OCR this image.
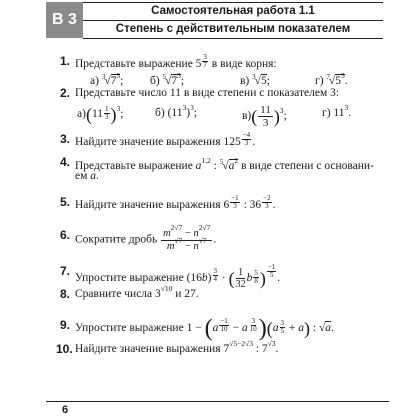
В 3	Самостоятельная работа 1.1
Степень с действительным показателем
1. Представьте выражение $5 \frac{3}{7}$ в виде корня:
а) $^3√7^5$; б) $^5√7^3$;	в) $^3$√5;	г) $^7√5^3$.
2. Представьте число 11 в виде степени с показателем 3:
$а)(11 \frac{1}{3} )^3$;	б) $(11^3)^3$;	$в)( \frac{11}{3} )^3$;	г) $11^3$.
3. Найдите значение выражения $125 \frac{-4}{3}$ .
4. Представьте выражение $a^{1,2}$ : $^5√a^2$ в виде степени с основани-
ем a.
5. Найдите значение выражения $6 \frac{-1}{3}$ : $36 \frac{-2}{3}$ .
6. Сократите дробь $\frac{m^{2√7} - n^{2√7}}{m^{√7} - n^{√7}}$ .
7. Упростите выражение $(16b) \frac{3}{4}$ · ( $\frac{1}{32}$ b $\frac{5}{8}$ ) $\frac{-1}{5}$ .
8. Сравните числа $3^{√10}$ и 27.
9. Упростите выражение $1 - (a \frac{-1}{10} - a \frac{3}{10} )(a \frac{3}{5} + a)$ : √a.
10. Найдите значение выражения $7^{√5-2√3}$ : $7^{√3}$.
6
